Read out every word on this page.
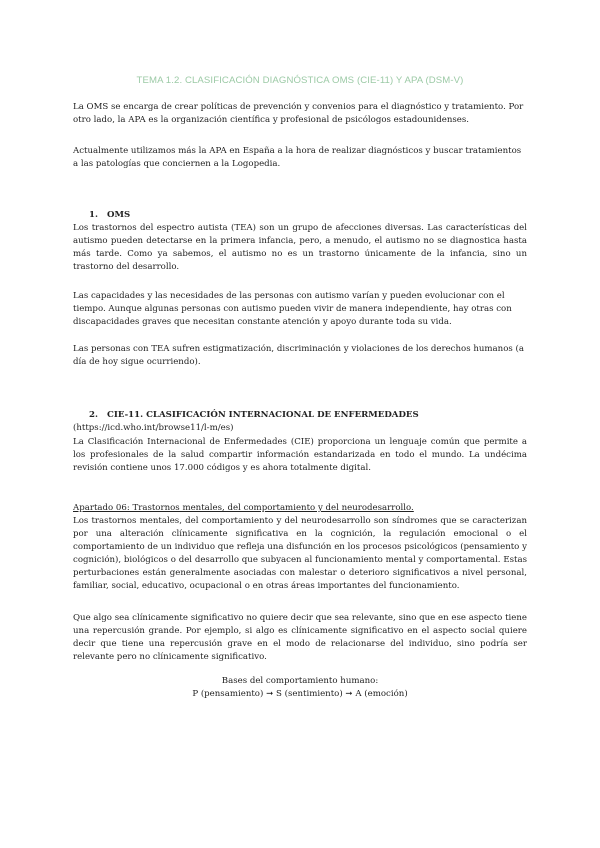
TEMA 1.2. CLASIFICACIÓN DIAGNÓSTICA OMS (CIE-11) Y APA (DSM-V)

La OMS se encarga de crear políticas de prevención y convenios para el diagnóstico y tratamiento. Por otro lado, la APA es la organización científica y profesional de psicólogos estadounidenses.

Actualmente utilizamos más la APA en España a la hora de realizar diagnósticos y buscar tratamientos a las patologías que conciernen a la Logopedia.

1. OMS

Los trastornos del espectro autista (TEA) son un grupo de afecciones diversas. Las características del autismo pueden detectarse en la primera infancia, pero, a menudo, el autismo no se diagnostica hasta más tarde. Como ya sabemos, el autismo no es un trastorno únicamente de la infancia, sino un trastorno del desarrollo.

Las capacidades y las necesidades de las personas con autismo varían y pueden evolucionar con el tiempo. Aunque algunas personas con autismo pueden vivir de manera independiente, hay otras con discapacidades graves que necesitan constante atención y apoyo durante toda su vida.

Las personas con TEA sufren estigmatización, discriminación y violaciones de los derechos humanos (a día de hoy sigue ocurriendo).

2. CIE-11. CLASIFICACIÓN INTERNACIONAL DE ENFERMEDADES
(https://icd.who.int/browse11/l-m/es)

La Clasificación Internacional de Enfermedades (CIE) proporciona un lenguaje común que permite a los profesionales de la salud compartir información estandarizada en todo el mundo. La undécima revisión contiene unos 17.000 códigos y es ahora totalmente digital.

Apartado 06: Trastornos mentales, del comportamiento y del neurodesarrollo.

Los trastornos mentales, del comportamiento y del neurodesarrollo son síndromes que se caracterizan por una alteración clínicamente significativa en la cognición, la regulación emocional o el comportamiento de un individuo que refleja una disfunción en los procesos psicológicos (pensamiento y cognición), biológicos o del desarrollo que subyacen al funcionamiento mental y comportamental. Estas perturbaciones están generalmente asociadas con malestar o deterioro significativos a nivel personal, familiar, social, educativo, ocupacional o en otras áreas importantes del funcionamiento.

Que algo sea clínicamente significativo no quiere decir que sea relevante, sino que en ese aspecto tiene una repercusión grande. Por ejemplo, si algo es clínicamente significativo en el aspecto social quiere decir que tiene una repercusión grave en el modo de relacionarse del individuo, sino podría ser relevante pero no clínicamente significativo.

Bases del comportamiento humano:
P (pensamiento) ➞ S (sentimiento) ➞ A (emoción)
